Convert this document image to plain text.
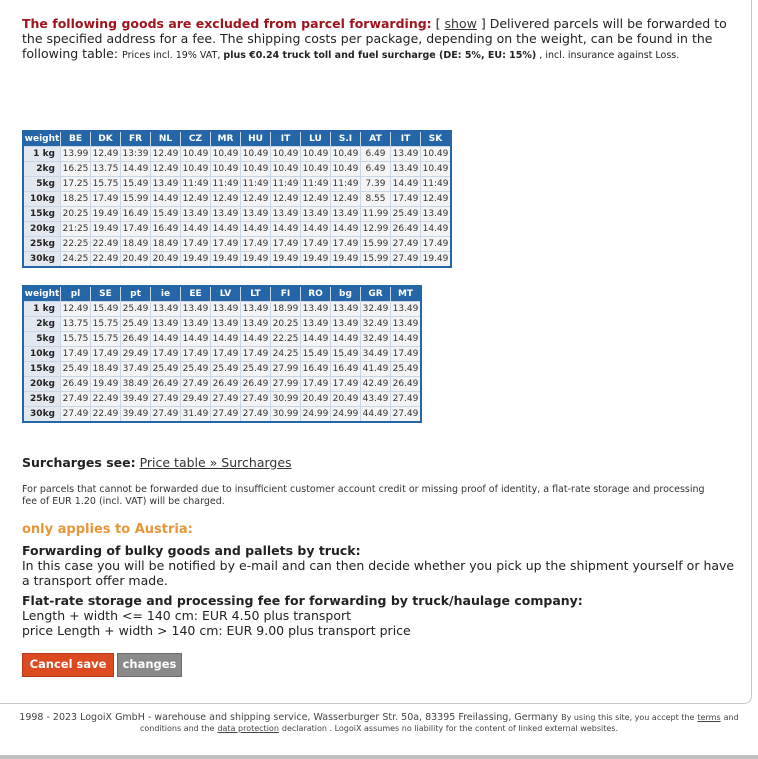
The following goods are excluded from parcel forwarding: [ show ] Delivered parcels will be forwarded to the specified address for a fee. The shipping costs per package, depending on the weight, can be found in the following table: Prices incl. 19% VAT, plus €0.24 truck toll and fuel surcharge (DE: 5%, EU: 15%) , incl. insurance against Loss.
weight	BE	DK	FR	NL	CZ	MR	HU	IT	LU	S.I	AT	IT	SK
1 kg	13.99	12.49	13:39	12.49	10.49	10.49	10.49	10.49	10.49	10.49	6.49	13.49	10.49
2kg	16.25	13.75	14.49	12.49	10.49	10.49	10.49	10.49	10.49	10.49	6.49	13.49	10.49
5kg	17.25	15.75	15.49	13.49	11:49	11:49	11:49	11:49	11:49	11:49	7.39	14.49	11:49
10kg	18.25	17.49	15.99	14.49	12.49	12.49	12.49	12.49	12.49	12.49	8.55	17.49	12.49
15kg	20.25	19.49	16.49	15.49	13.49	13.49	13.49	13.49	13.49	13.49	11.99	25.49	13.49
20kg	21:25	19.49	17.49	16.49	14.49	14.49	14.49	14.49	14.49	14.49	12.99	26.49	14.49
25kg	22.25	22.49	18.49	18.49	17.49	17.49	17.49	17.49	17.49	17.49	15.99	27.49	17.49
30kg	24.25	22.49	20.49	20.49	19.49	19.49	19.49	19.49	19.49	19.49	15.99	27.49	19.49
weight	pl	SE	pt	ie	EE	LV	LT	FI	RO	bg	GR	MT
1 kg	12.49	15.49	25.49	13.49	13.49	13.49	13.49	18.99	13.49	13.49	32.49	13.49
2kg	13.75	15.75	25.49	13.49	13.49	13.49	13.49	20.25	13.49	13.49	32.49	13.49
5kg	15.75	15.75	26.49	14.49	14.49	14.49	14.49	22.25	14.49	14.49	32.49	14.49
10kg	17.49	17.49	29.49	17.49	17.49	17.49	17.49	24.25	15.49	15.49	34.49	17.49
15kg	25.49	18.49	37.49	25.49	25.49	25.49	25.49	27.99	16.49	16.49	41.49	25.49
20kg	26.49	19.49	38.49	26.49	27.49	26.49	26.49	27.99	17.49	17.49	42.49	26.49
25kg	27.49	22.49	39.49	27.49	29.49	27.49	27.49	30.99	20.49	20.49	43.49	27.49
30kg	27.49	22.49	39.49	27.49	31.49	27.49	27.49	30.99	24.99	24.99	44.49	27.49
Surcharges see: Price table » Surcharges
For parcels that cannot be forwarded due to insufficient customer account credit or missing proof of identity, a flat-rate storage and processing fee of EUR 1.20 (incl. VAT) will be charged.
only applies to Austria:
Forwarding of bulky goods and pallets by truck:
In this case you will be notified by e-mail and can then decide whether you pick up the shipment yourself or have a transport offer made.
Flat-rate storage and processing fee for forwarding by truck/haulage company:
Length + width <= 140 cm: EUR 4.50 plus transport
price Length + width > 140 cm: EUR 9.00 plus transport price
Cancel save	changes
1998 - 2023 LogoiX GmbH - warehouse and shipping service, Wasserburger Str. 50a, 83395 Freilassing, Germany By using this site, you accept the terms and
conditions and the data protection declaration . LogoiX assumes no liability for the content of linked external websites.
